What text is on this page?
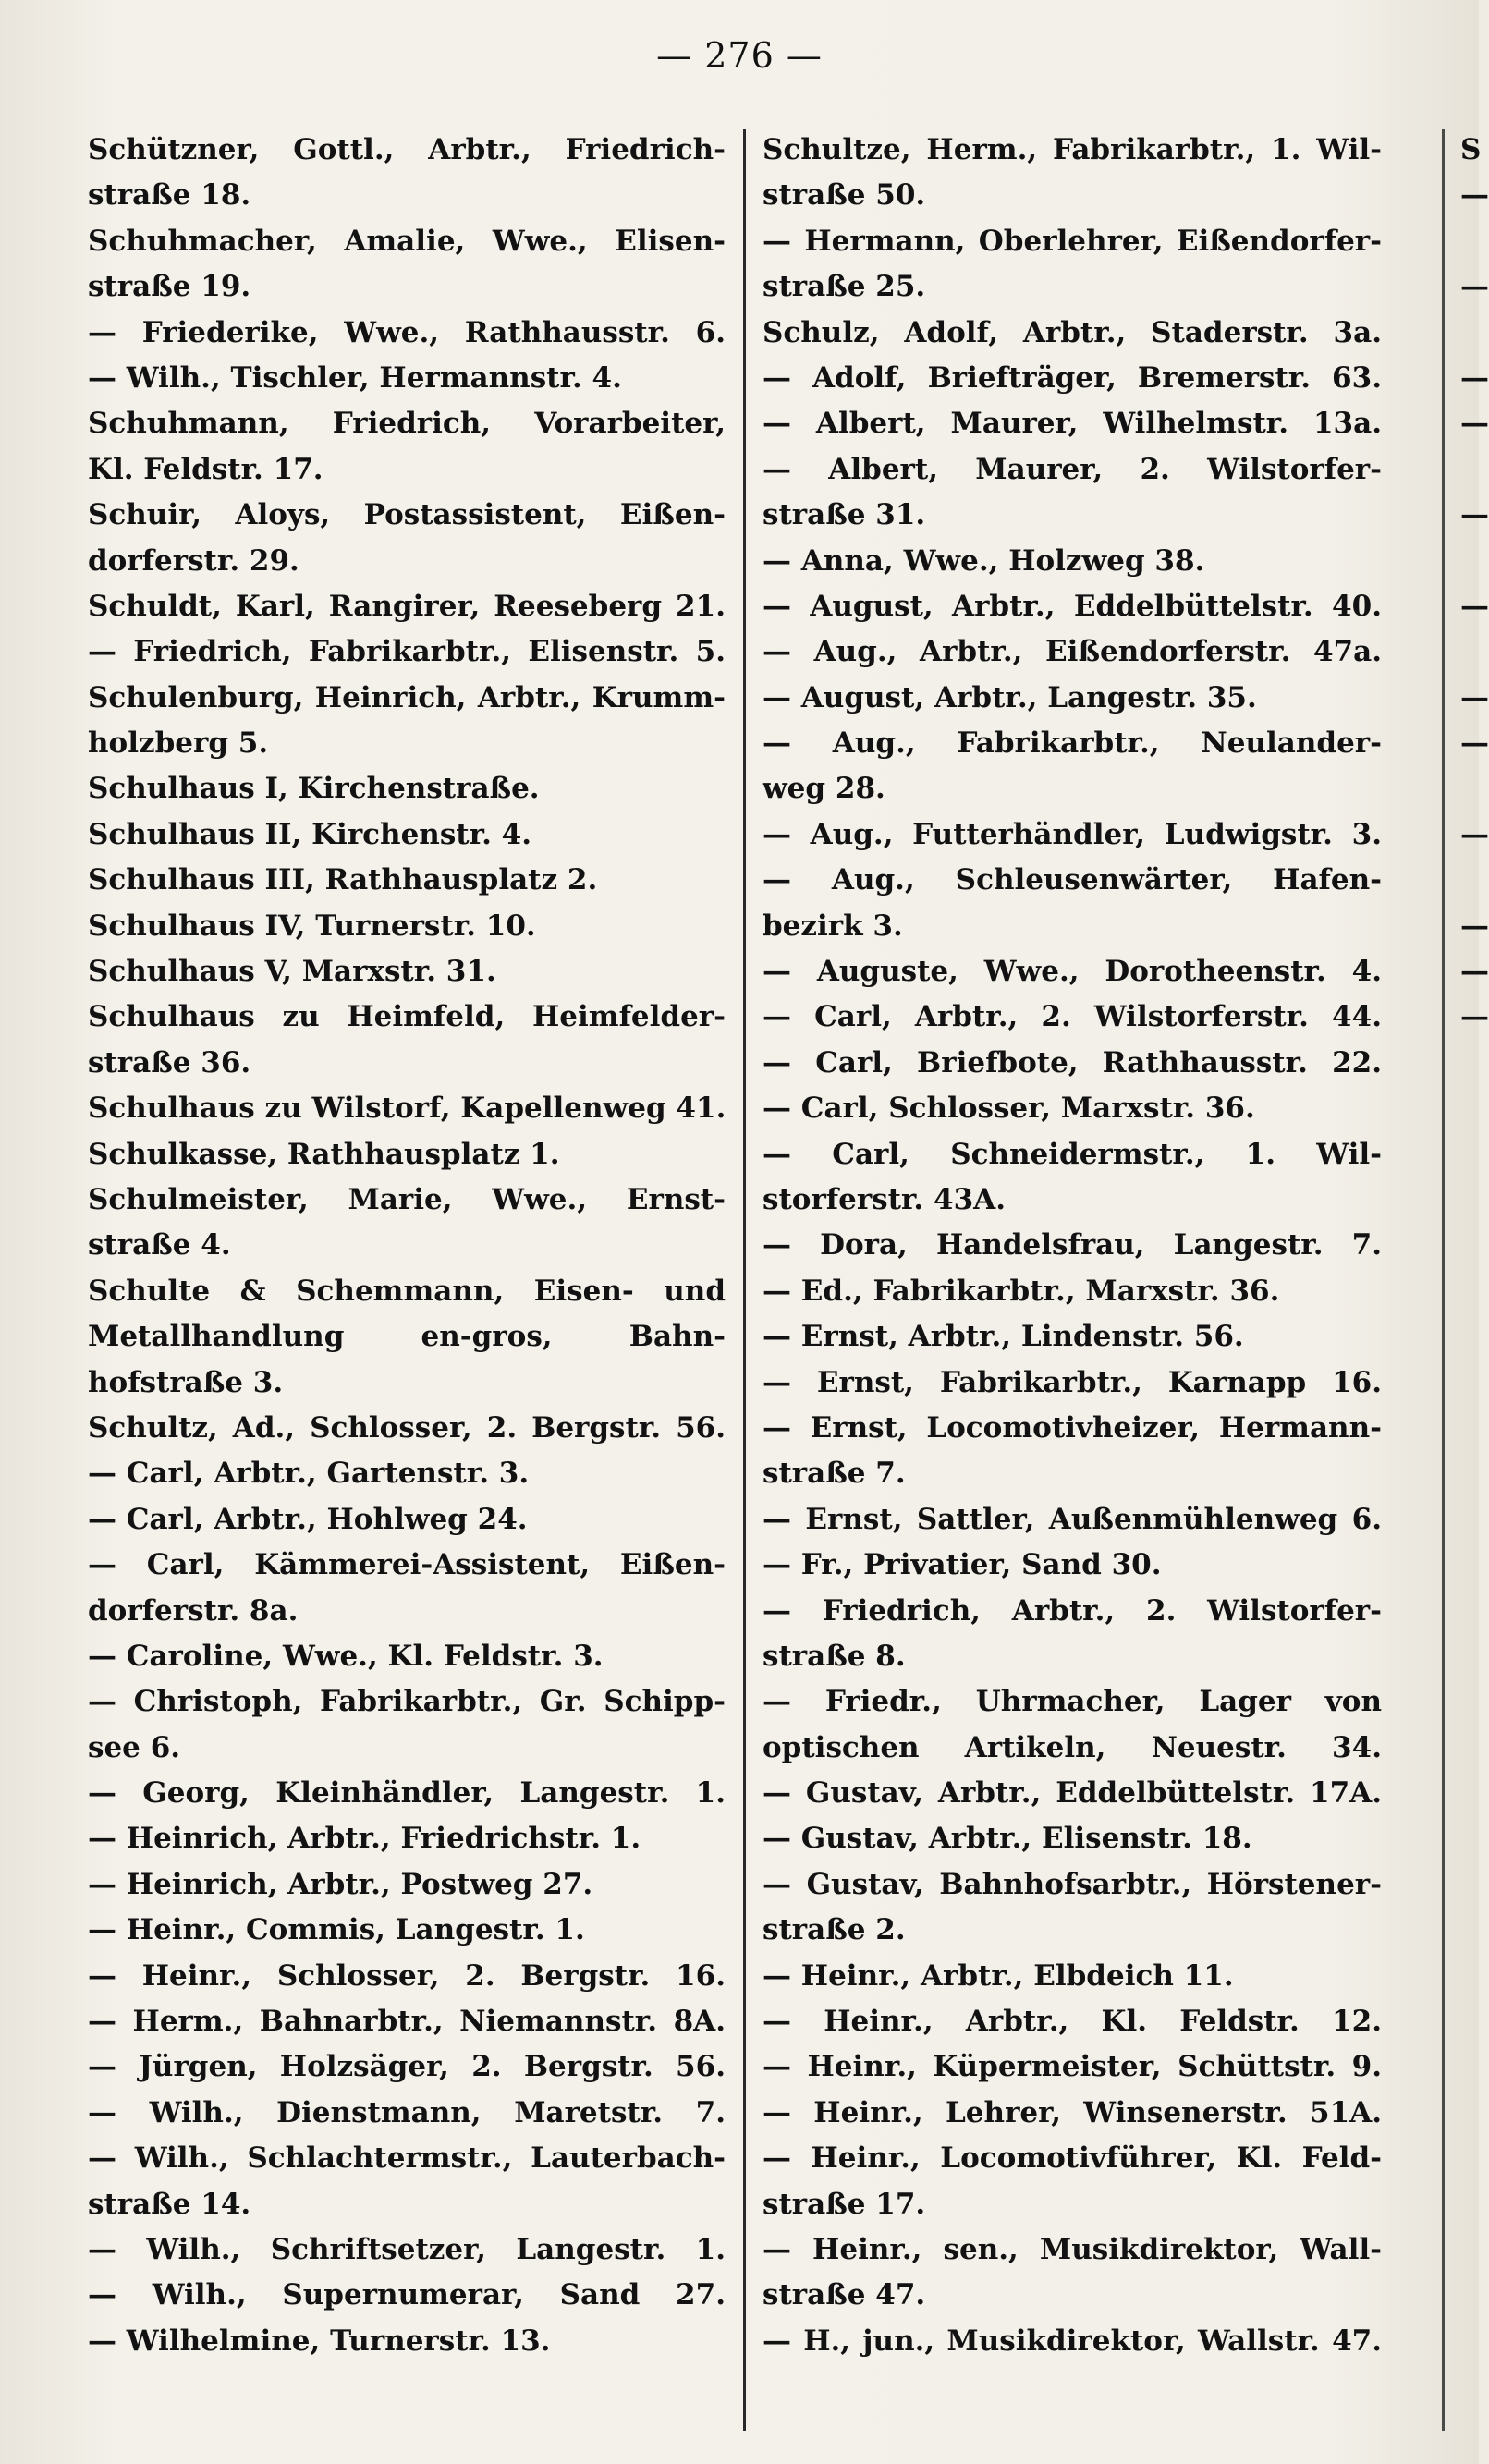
— 276 —
Schützner, Gottl., Arbtr., Friedrich-
straße 18.
Schuhmacher, Amalie, Wwe., Elisen-
straße 19.
— Friederike, Wwe., Rathhausstr. 6.
— Wilh., Tischler, Hermannstr. 4.
Schuhmann, Friedrich, Vorarbeiter,
Kl. Feldstr. 17.
Schuir, Aloys, Postassistent, Eißen-
dorferstr. 29.
Schuldt, Karl, Rangirer, Reeseberg 21.
— Friedrich, Fabrikarbtr., Elisenstr. 5.
Schulenburg, Heinrich, Arbtr., Krumm-
holzberg 5.
Schulhaus I, Kirchenstraße.
Schulhaus II, Kirchenstr. 4.
Schulhaus III, Rathhausplatz 2.
Schulhaus IV, Turnerstr. 10.
Schulhaus V, Marxstr. 31.
Schulhaus zu Heimfeld, Heimfelder-
straße 36.
Schulhaus zu Wilstorf, Kapellenweg 41.
Schulkasse, Rathhausplatz 1.
Schulmeister, Marie, Wwe., Ernst-
straße 4.
Schulte & Schemmann, Eisen- und
Metallhandlung en-gros, Bahn-
hofstraße 3.
Schultz, Ad., Schlosser, 2. Bergstr. 56.
— Carl, Arbtr., Gartenstr. 3.
— Carl, Arbtr., Hohlweg 24.
— Carl, Kämmerei-Assistent, Eißen-
dorferstr. 8a.
— Caroline, Wwe., Kl. Feldstr. 3.
— Christoph, Fabrikarbtr., Gr. Schipp-
see 6.
— Georg, Kleinhändler, Langestr. 1.
— Heinrich, Arbtr., Friedrichstr. 1.
— Heinrich, Arbtr., Postweg 27.
— Heinr., Commis, Langestr. 1.
— Heinr., Schlosser, 2. Bergstr. 16.
— Herm., Bahnarbtr., Niemannstr. 8A.
— Jürgen, Holzsäger, 2. Bergstr. 56.
— Wilh., Dienstmann, Maretstr. 7.
— Wilh., Schlachtermstr., Lauterbach-
straße 14.
— Wilh., Schriftsetzer, Langestr. 1.
— Wilh., Supernumerar, Sand 27.
— Wilhelmine, Turnerstr. 13.
Schultze, Herm., Fabrikarbtr., 1. Wil-
straße 50.
— Hermann, Oberlehrer, Eißendorfer-
straße 25.
Schulz, Adolf, Arbtr., Staderstr. 3a.
— Adolf, Briefträger, Bremerstr. 63.
— Albert, Maurer, Wilhelmstr. 13a.
— Albert, Maurer, 2. Wilstorfer-
straße 31.
— Anna, Wwe., Holzweg 38.
— August, Arbtr., Eddelbüttelstr. 40.
— Aug., Arbtr., Eißendorferstr. 47a.
— August, Arbtr., Langestr. 35.
— Aug., Fabrikarbtr., Neulander-
weg 28.
— Aug., Futterhändler, Ludwigstr. 3.
— Aug., Schleusenwärter, Hafen-
bezirk 3.
— Auguste, Wwe., Dorotheenstr. 4.
— Carl, Arbtr., 2. Wilstorferstr. 44.
— Carl, Briefbote, Rathhausstr. 22.
— Carl, Schlosser, Marxstr. 36.
— Carl, Schneidermstr., 1. Wil-
storferstr. 43A.
— Dora, Handelsfrau, Langestr. 7.
— Ed., Fabrikarbtr., Marxstr. 36.
— Ernst, Arbtr., Lindenstr. 56.
— Ernst, Fabrikarbtr., Karnapp 16.
— Ernst, Locomotivheizer, Hermann-
straße 7.
— Ernst, Sattler, Außenmühlenweg 6.
— Fr., Privatier, Sand 30.
— Friedrich, Arbtr., 2. Wilstorfer-
straße 8.
— Friedr., Uhrmacher, Lager von
optischen Artikeln, Neuestr. 34.
— Gustav, Arbtr., Eddelbüttelstr. 17A.
— Gustav, Arbtr., Elisenstr. 18.
— Gustav, Bahnhofsarbtr., Hörstener-
straße 2.
— Heinr., Arbtr., Elbdeich 11.
— Heinr., Arbtr., Kl. Feldstr. 12.
— Heinr., Küpermeister, Schüttstr. 9.
— Heinr., Lehrer, Winsenerstr. 51A.
— Heinr., Locomotivführer, Kl. Feld-
straße 17.
— Heinr., sen., Musikdirektor, Wall-
straße 47.
— H., jun., Musikdirektor, Wallstr. 47.
S
—
—
—
—
—
—
—
—
—
—
—
—
